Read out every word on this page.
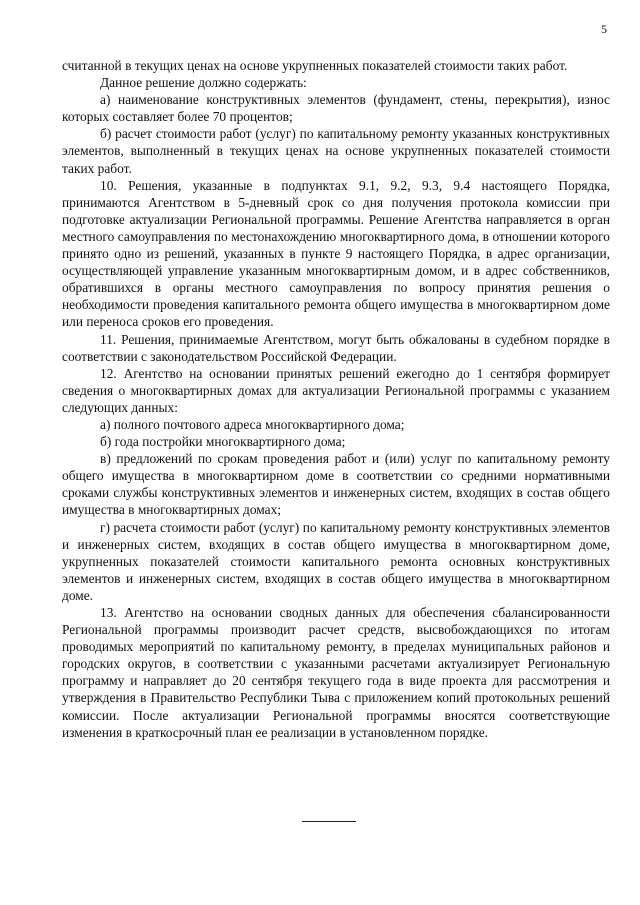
5

считанной в текущих ценах на основе укрупненных показателей стоимости таких работ.

Данное решение должно содержать:

а) наименование конструктивных элементов (фундамент, стены, перекрытия), износ которых составляет более 70 процентов;

б) расчет стоимости работ (услуг) по капитальному ремонту указанных конструктивных элементов, выполненный в текущих ценах на основе укрупненных показателей стоимости таких работ.

10. Решения, указанные в подпунктах 9.1, 9.2, 9.3, 9.4 настоящего Порядка, принимаются Агентством в 5-дневный срок со дня получения протокола комиссии при подготовке актуализации Региональной программы. Решение Агентства направляется в орган местного самоуправления по местонахождению многоквартирного дома, в отношении которого принято одно из решений, указанных в пункте 9 настоящего Порядка, в адрес организации, осуществляющей управление указанным многоквартирным домом, и в адрес собственников, обратившихся в органы местного самоуправления по вопросу принятия решения о необходимости проведения капитального ремонта общего имущества в многоквартирном доме или переноса сроков его проведения.

11. Решения, принимаемые Агентством, могут быть обжалованы в судебном порядке в соответствии с законодательством Российской Федерации.

12. Агентство на основании принятых решений ежегодно до 1 сентября формирует сведения о многоквартирных домах для актуализации Региональной программы с указанием следующих данных:

а) полного почтового адреса многоквартирного дома;

б) года постройки многоквартирного дома;

в) предложений по срокам проведения работ и (или) услуг по капитальному ремонту общего имущества в многоквартирном доме в соответствии со средними нормативными сроками службы конструктивных элементов и инженерных систем, входящих в состав общего имущества в многоквартирных домах;

г) расчета стоимости работ (услуг) по капитальному ремонту конструктивных элементов и инженерных систем, входящих в состав общего имущества в многоквартирном доме, укрупненных показателей стоимости капитального ремонта основных конструктивных элементов и инженерных систем, входящих в состав общего имущества в многоквартирном доме.

13. Агентство на основании сводных данных для обеспечения сбалансированности Региональной программы производит расчет средств, высвобождающихся по итогам проводимых мероприятий по капитальному ремонту, в пределах муниципальных районов и городских округов, в соответствии с указанными расчетами актуализирует Региональную программу и направляет до 20 сентября текущего года в виде проекта для рассмотрения и утверждения в Правительство Республики Тыва с приложением копий протокольных решений комиссии. После актуализации Региональной программы вносятся соответствующие изменения в краткосрочный план ее реализации в установленном порядке.
